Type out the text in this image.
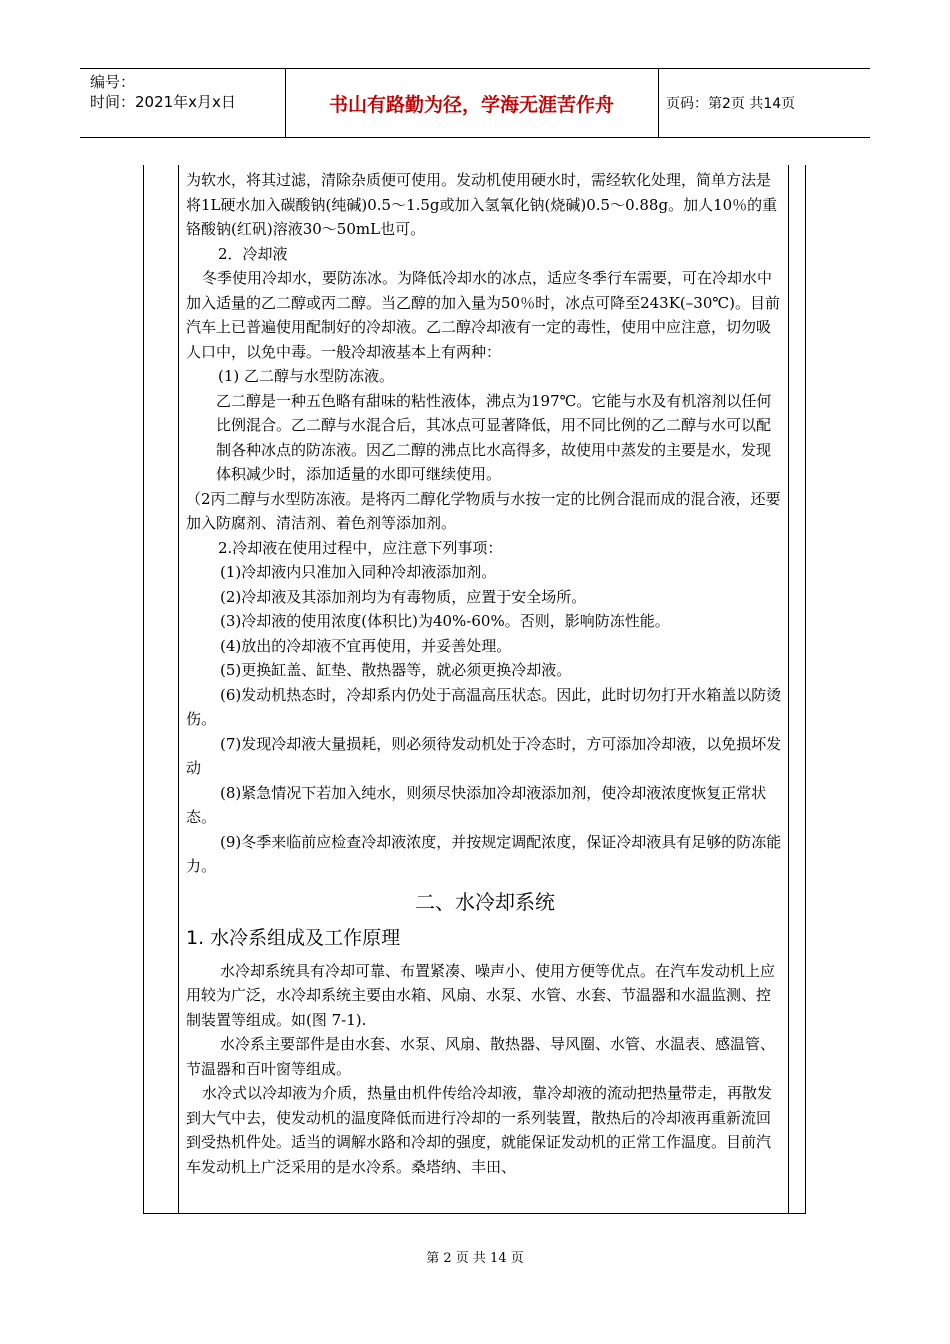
编号：
时间：2021年x月x日	书山有路勤为径，学海无涯苦作舟	页码：第2页 共14页

为软水，将其过滤，清除杂质便可使用。发动机使用硬水时，需经软化处理，简单方法是将1L硬水加入碳酸钠(纯碱)0.5～1.5g或加入氢氧化钠(烧碱)0.5～0.88g。加人10％的重铬酸钠(红矾)溶液30～50mL也可。

2．冷却液

冬季使用冷却水，要防冻冰。为降低冷却水的冰点，适应冬季行车需要，可在冷却水中加入适量的乙二醇或丙二醇。当乙醇的加入量为50％时，冰点可降至243K(–30℃)。目前汽车上已普遍使用配制好的冷却液。乙二醇冷却液有一定的毒性，使用中应注意，切勿吸人口中，以免中毒。一般冷却液基本上有两种：

(1) 乙二醇与水型防冻液。

乙二醇是一种五色略有甜味的粘性液体，沸点为197℃。它能与水及有机溶剂以任何比例混合。乙二醇与水混合后，其冰点可显著降低，用不同比例的乙二醇与水可以配制各种冰点的防冻液。因乙二醇的沸点比水高得多，故使用中蒸发的主要是水，发现体积减少时，添加适量的水即可继续使用。

（2丙二醇与水型防冻液。是将丙二醇化学物质与水按一定的比例合混而成的混合液，还要加入防腐剂、清洁剂、着色剂等添加剂。

2.冷却液在使用过程中，应注意下列事项：

(1)冷却液内只准加入同种冷却液添加剂。

(2)冷却液及其添加剂均为有毒物质，应置于安全场所。

(3)冷却液的使用浓度(体积比)为40%-60%。否则，影响防冻性能。

(4)放出的冷却液不宜再使用，并妥善处理。

(5)更换缸盖、缸垫、散热器等，就必须更换冷却液。

(6)发动机热态时，冷却系内仍处于高温高压状态。因此，此时切勿打开水箱盖以防烫伤。

(7)发现冷却液大量损耗，则必须待发动机处于冷态时，方可添加冷却液，以免损坏发动

(8)紧急情况下若加入纯水，则须尽快添加冷却液添加剂，使冷却液浓度恢复正常状态。

(9)冬季来临前应检查冷却液浓度，并按规定调配浓度，保证冷却液具有足够的防冻能力。

二、水冷却系统

1. 水冷系组成及工作原理

水冷却系统具有冷却可靠、布置紧凑、噪声小、使用方便等优点。在汽车发动机上应用较为广泛，水冷却系统主要由水箱、风扇、水泵、水管、水套、节温器和水温监测、控制装置等组成。如(图 7-1).

水冷系主要部件是由水套、水泵、风扇、散热器、导风圈、水管、水温表、感温管、节温器和百叶窗等组成。

水冷式以冷却液为介质，热量由机件传给冷却液，靠冷却液的流动把热量带走，再散发到大气中去，使发动机的温度降低而进行冷却的一系列装置，散热后的冷却液再重新流回到受热机件处。适当的调解水路和冷却的强度，就能保证发动机的正常工作温度。目前汽车发动机上广泛采用的是水冷系。桑塔纳、丰田、

第 2 页 共 14 页
